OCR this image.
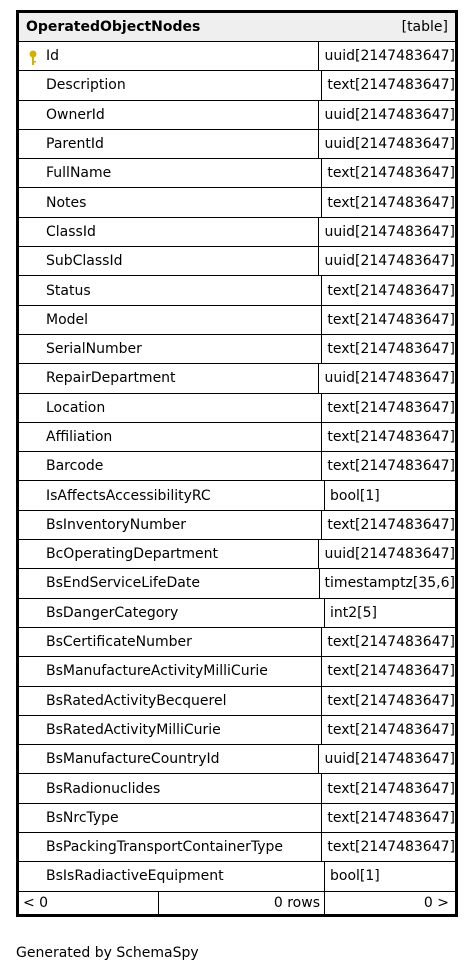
OperatedObjectNodes	[table]
Id	uuid[2147483647]
Description	text[2147483647]
OwnerId	uuid[2147483647]
ParentId	uuid[2147483647]
FullName	text[2147483647]
Notes	text[2147483647]
ClassId	uuid[2147483647]
SubClassId	uuid[2147483647]
Status	text[2147483647]
Model	text[2147483647]
SerialNumber	text[2147483647]
RepairDepartment	uuid[2147483647]
Location	text[2147483647]
Affiliation	text[2147483647]
Barcode	text[2147483647]
IsAffectsAccessibilityRC	bool[1]
BsInventoryNumber	text[2147483647]
BcOperatingDepartment	uuid[2147483647]
BsEndServiceLifeDate	timestamptz[35,6]
BsDangerCategory	int2[5]
BsCertificateNumber	text[2147483647]
BsManufactureActivityMilliCurie	text[2147483647]
BsRatedActivityBecquerel	text[2147483647]
BsRatedActivityMilliCurie	text[2147483647]
BsManufactureCountryId	uuid[2147483647]
BsRadionuclides	text[2147483647]
BsNrcType	text[2147483647]
BsPackingTransportContainerType	text[2147483647]
BsIsRadiactiveEquipment	bool[1]
< 0	0 rows	0 >
Generated by SchemaSpy
